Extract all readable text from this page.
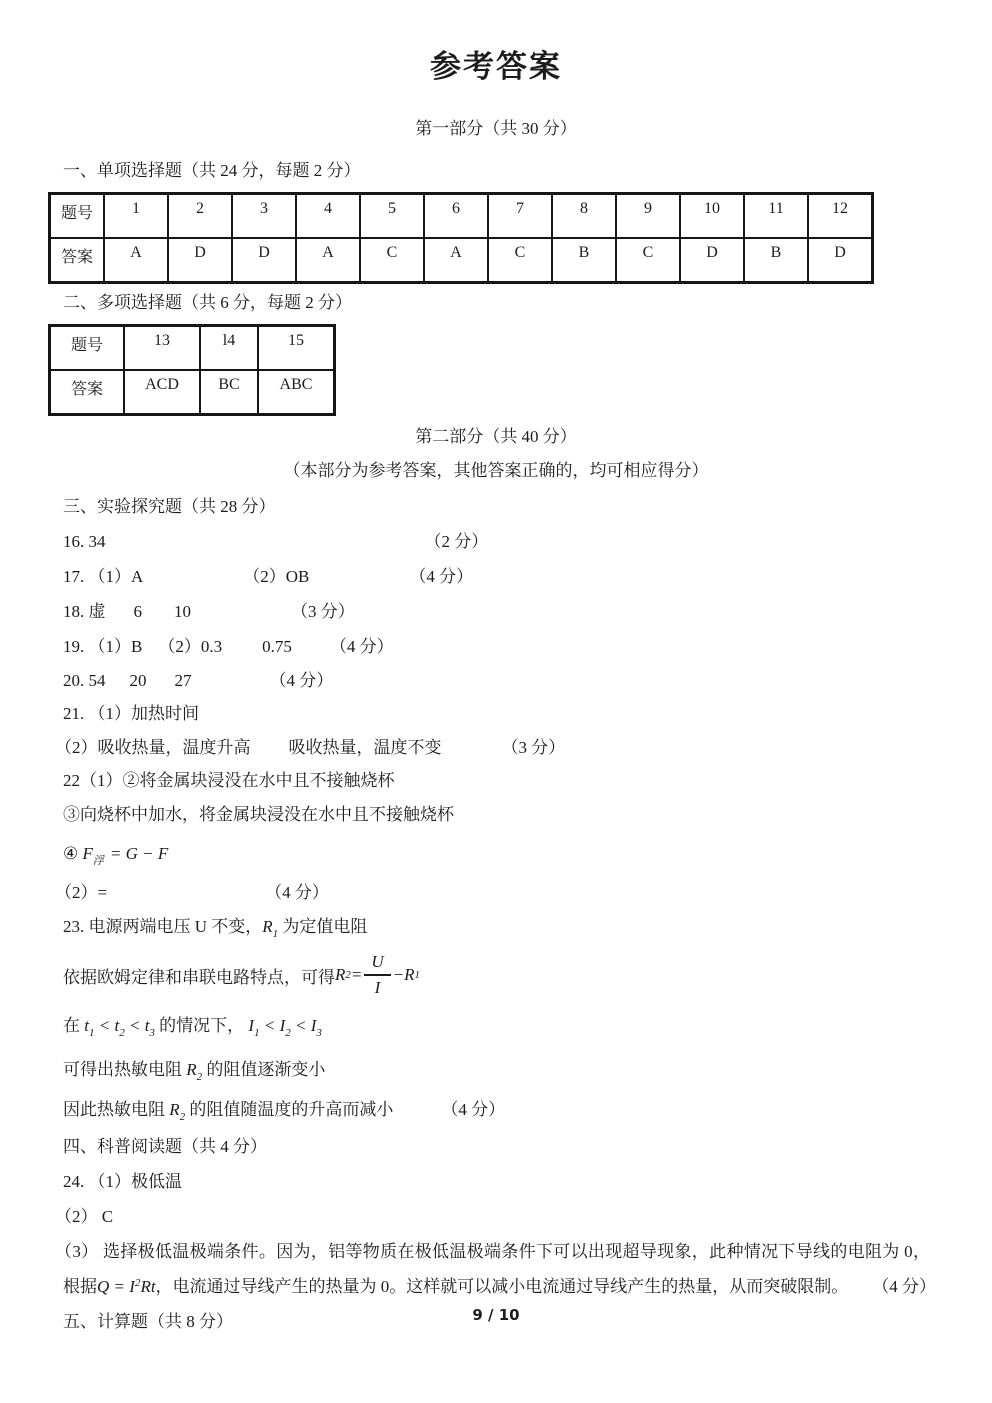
参考答案
第一部分（共 30 分）
一、单项选择题（共 24 分，每题 2 分）
题号	1	2	3	4	5	6	7	8	9	10	11	12
答案	A	D	D	A	C	A	C	B	C	D	B	D
二、多项选择题（共 6 分，每题 2 分）
题号	13	l4	15
答案	ACD	BC	ABC
第二部分（共 40 分）
（本部分为参考答案，其他答案正确的，均可相应得分）
三、实验探究题（共 28 分）
16. 34	（2 分）
17. （1）A	（2）OB	（4 分）
18. 虚 6 10	（3 分）
19. （1）B （2）0.3 0.75 （4 分）
20. 54 20 27	（4 分）
21. （1）加热时间
（2）吸收热量，温度升高 吸收热量，温度不变	（3 分）
22（1）②将金属块浸没在水中且不接触烧杯
③向烧杯中加水，将金属块浸没在水中且不接触烧杯
④ $F_浮 = G - F$
（2）=	（4 分）
23. 电源两端电压 U 不变，$R_1$ 为定值电阻
依据欧姆定律和串联电路特点，可得 R $2 = \frac{U}{I} - R$ 1
在 $t_1 < t_2 < t_3$ 的情况下， $I_1 < I_2 < I_3$
可得出热敏电阻 $R_2$ 的阻值逐渐变小
因此热敏电阻 $R_2$ 的阻值随温度的升高而减小	（4 分）
四、科普阅读题（共 4 分）
24. （1）极低温
（2） C
（3） 选择极低温极端条件。因为，铝等物质在极低温极端条件下可以出现超导现象，此种情况下导线的电阻为 0，
根据$Q = I^2Rt$，电流通过导线产生的热量为 0。这样就可以减小电流通过导线产生的热量，从而突破限制。 （4 分）
五、计算题（共 8 分）	9 / 10
